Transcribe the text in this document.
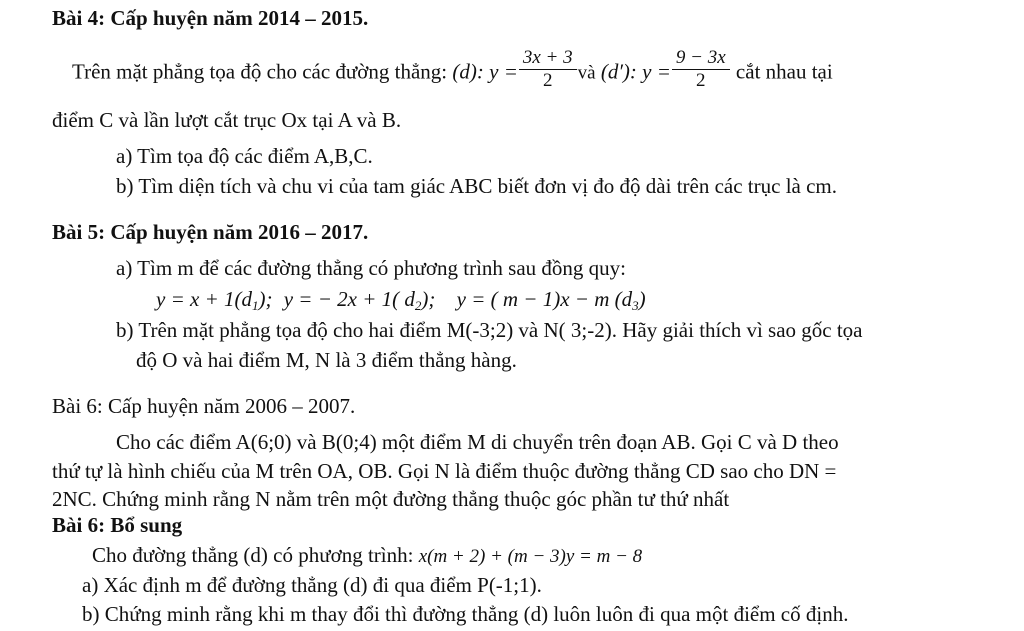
Bài 4: Cấp huyện năm 2014 – 2015.
Trên mặt phẳng tọa độ cho các đường thẳng: (d): $y = \frac{3x + 3}{2}$ và (d′): $y = \frac{9 - 3x}{2}$ cắt nhau tại
điểm C và lần lượt cắt trục Ox tại A và B.
a) Tìm tọa độ các điểm A,B,C.
b) Tìm diện tích và chu vi của tam giác ABC biết đơn vị đo độ dài trên các trục là cm.
Bài 5: Cấp huyện năm 2016 – 2017.
a) Tìm m để các đường thẳng có phương trình sau đồng quy:
$y = x + 1(d_1)$; y = − 2x + 1( $d_2$); y = ( m − 1)x − m $(d_3)$
b) Trên mặt phẳng tọa độ cho hai điểm M(-3;2) và N( 3;-2). Hãy giải thích vì sao gốc tọa
độ O và hai điểm M, N là 3 điểm thẳng hàng.
Bài 6: Cấp huyện năm 2006 – 2007.
Cho các điểm A(6;0) và B(0;4) một điểm M di chuyển trên đoạn AB. Gọi C và D theo
thứ tự là hình chiếu của M trên OA, OB. Gọi N là điểm thuộc đường thẳng CD sao cho DN =
2NC. Chứng minh rằng N nằm trên một đường thẳng thuộc góc phần tư thứ nhất
Bài 6: Bổ sung
Cho đường thẳng (d) có phương trình: x(m + 2) + (m − 3)y = m − 8
a) Xác định m để đường thẳng (d) đi qua điểm P(-1;1).
b) Chứng minh rằng khi m thay đổi thì đường thẳng (d) luôn luôn đi qua một điểm cố định.
